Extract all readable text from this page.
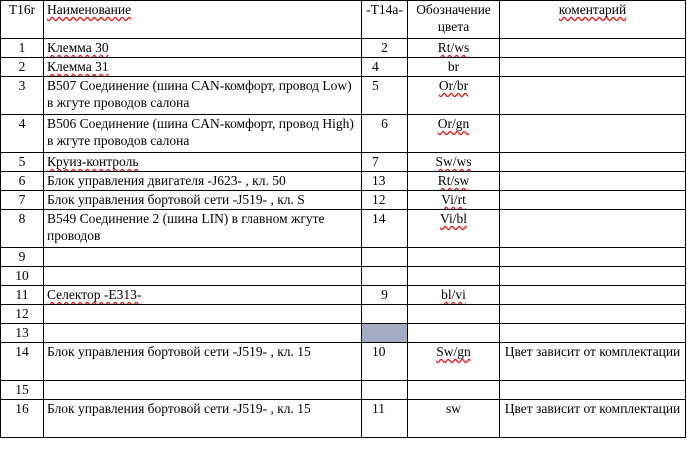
T16r	Наименование	-T14a-	Обозначение цвета	коментарий
1	Клемма 30	2	Rt/ws	
2	Клемма 31	4	br	
3	B507 Соединение (шина CAN-комфорт, провод Low) в жгуте проводов салона	5	Or/br	
4	B506 Соединение (шина CAN-комфорт, провод High) в жгуте проводов салона	6	Or/gn	
5	Круиз-контроль	7	Sw/ws	
6	Блок управления двигателя -J623- , кл. 50	13	Rt/sw	
7	Блок управления бортовой сети -J519- , кл. S	12	Vi/rt	
8	B549 Соединение 2 (шина LIN) в главном жгуте проводов	14	Vi/bl	
9				
10				
11	Селектор -E313-	9	bl/vi	
12				
13				
14	Блок управления бортовой сети -J519- , кл. 15	10	Sw/gn	Цвет зависит от комплектации
15				
16	Блок управления бортовой сети -J519- , кл. 15	11	sw	Цвет зависит от комплектации
